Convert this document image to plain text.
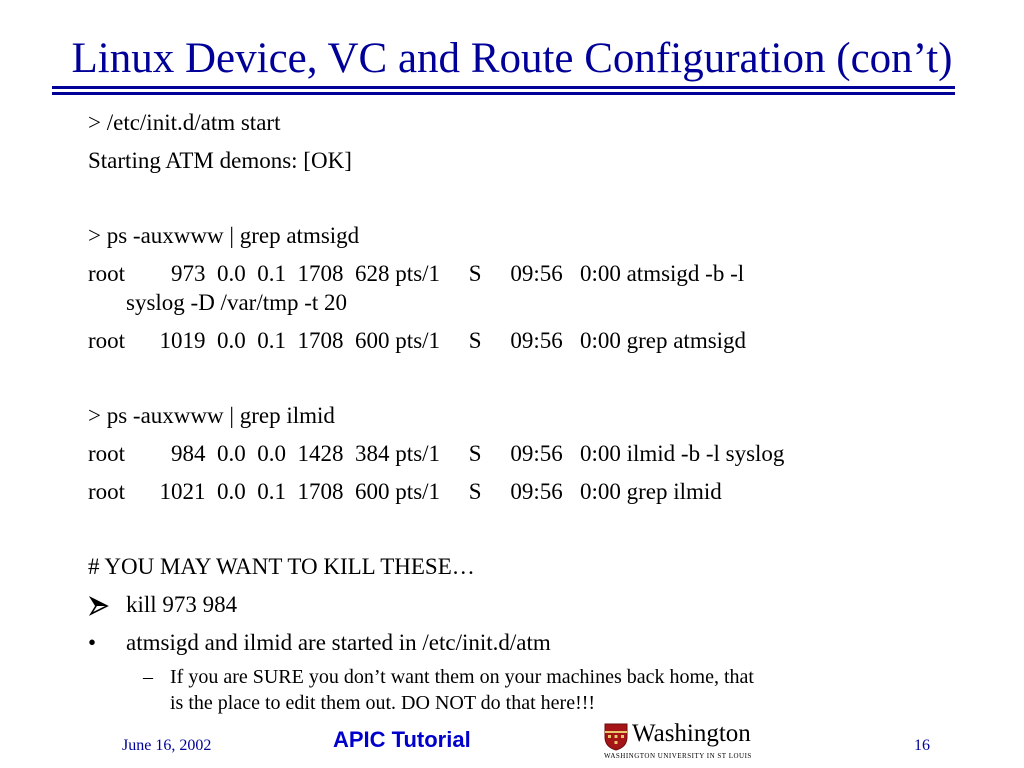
Linux Device, VC and Route Configuration (con’t)
> /etc/init.d/atm start
Starting ATM demons: [OK]
> ps -auxwww | grep atmsigd
root        973  0.0  0.1  1708  628 pts/1     S     09:56   0:00 atmsigd -b -l
syslog -D /var/tmp -t 20
root      1019  0.0  0.1  1708  600 pts/1     S     09:56   0:00 grep atmsigd
> ps -auxwww | grep ilmid
root        984  0.0  0.0  1428  384 pts/1     S     09:56   0:00 ilmid -b -l syslog
root      1021  0.0  0.1  1708  600 pts/1     S     09:56   0:00 grep ilmid
# YOU MAY WANT TO KILL THESE…
kill 973 984
• atmsigd and ilmid are started in /etc/init.d/atm
– If you are SURE you don’t want them on your machines back home, that
is the place to edit them out. DO NOT do that here!!!
June 16, 2002	APIC Tutorial	Washington
WASHINGTON UNIVERSITY IN ST LOUIS
16
